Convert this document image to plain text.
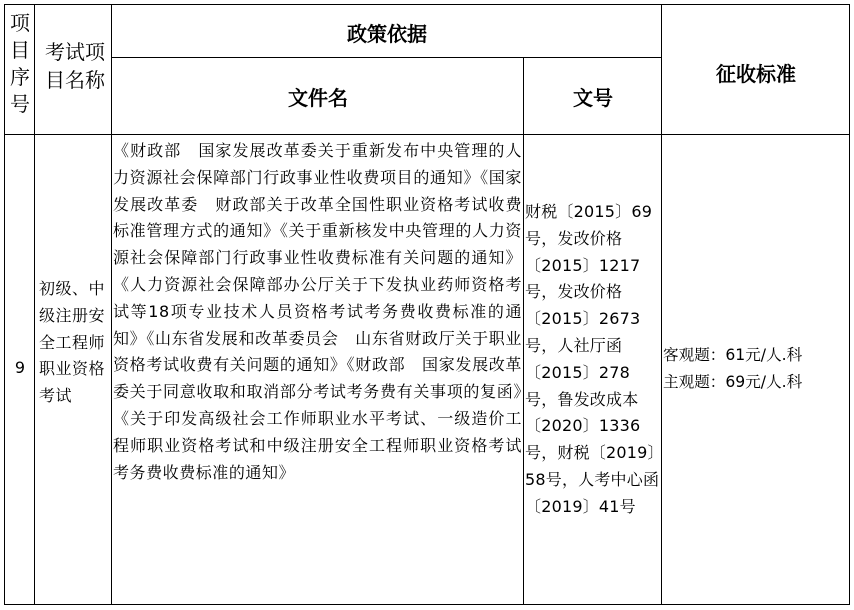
项目序号
考试项目名称
政策依据
文件名	文号
征收标准
9
初级、中级注册安全工程师职业资格考试
《财政部　国家发展改革委关于重新发布中央管理的人力资源社会保障部门行政事业性收费项目的通知》《国家发展改革委　财政部关于改革全国性职业资格考试收费标准管理方式的通知》《关于重新核发中央管理的人力资源社会保障部门行政事业性收费标准有关问题的通知》《人力资源社会保障部办公厅关于下发执业药师资格考试等18项专业技术人员资格考试考务费收费标准的通知》《山东省发展和改革委员会　山东省财政厅关于职业资格考试收费有关问题的通知》《财政部　国家发展改革委关于同意收取和取消部分考试考务费有关事项的复函》《关于印发高级社会工作师职业水平考试、一级造价工程师职业资格考试和中级注册安全工程师职业资格考试考务费收费标准的通知》
财税〔2015〕69号，发改价格〔2015〕1217号，发改价格〔2015〕2673号，人社厅函〔2015〕278号，鲁发改成本〔2020〕1336号，财税〔2019〕58号，人考中心函〔2019〕41号
客观题：61元/人.科
主观题：69元/人.科
